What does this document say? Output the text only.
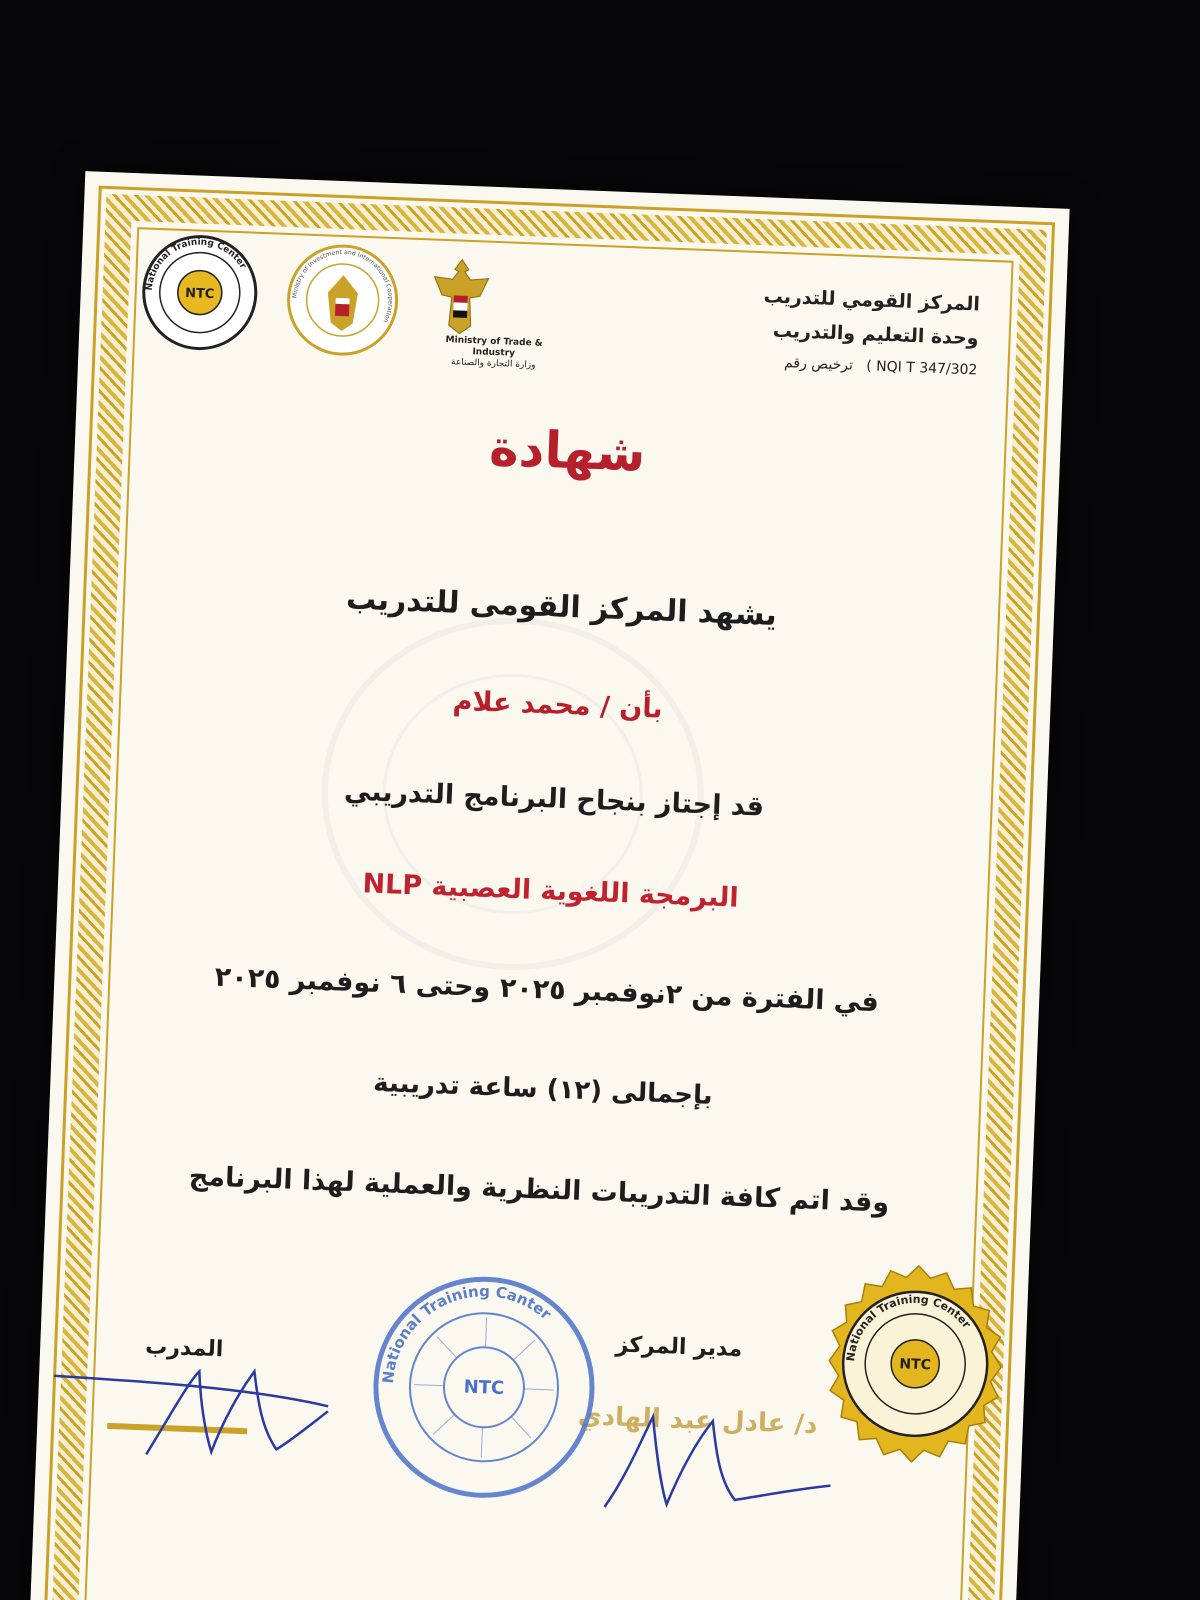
National Training Center
NTC	Ministry of Investment and International Cooperation
Ministry of Trade & Industry
وزارة التجارة والصناعة
المركز القومي للتدريب
وحدة التعليم والتدريب
ترخيص رقم ( NQI T 347/302
شهادة
يشهد المركز القومى للتدريب
بأن / محمد علام
قد إجتاز بنجاح البرنامج التدريبي
البرمجة اللغوية العصبية NLP
في الفترة من ٢نوفمبر ٢٠٢٥ وحتى ٦ نوفمبر ٢٠٢٥
بإجمالى (١٢) ساعة تدريبية
وقد اتم كافة التدريبات النظرية والعملية لهذا البرنامج
المدرب	مدير المركز
د/ عادل عبد الهادي
National Training Canter
NTC
National Training Center
NTC
